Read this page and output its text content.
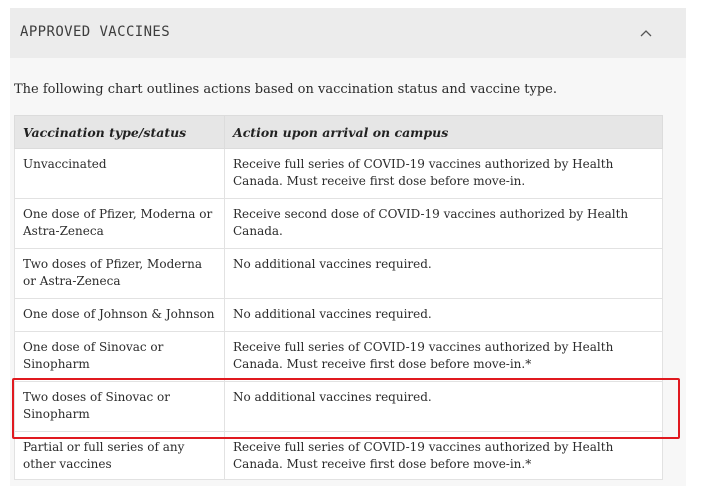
APPROVED VACCINES

The following chart outlines actions based on vaccination status and vaccine type.

Vaccination type/status	Action upon arrival on campus
Unvaccinated	Receive full series of COVID-19 vaccines authorized by Health Canada. Must receive first dose before move-in.
One dose of Pfizer, Moderna or Astra-Zeneca	Receive second dose of COVID-19 vaccines authorized by Health Canada.
Two doses of Pfizer, Moderna or Astra-Zeneca	No additional vaccines required.
One dose of Johnson & Johnson	No additional vaccines required.
One dose of Sinovac or Sinopharm	Receive full series of COVID-19 vaccines authorized by Health Canada. Must receive first dose before move-in.*
Two doses of Sinovac or Sinopharm	No additional vaccines required.
Partial or full series of any other vaccines	Receive full series of COVID-19 vaccines authorized by Health Canada. Must receive first dose before move-in.*
